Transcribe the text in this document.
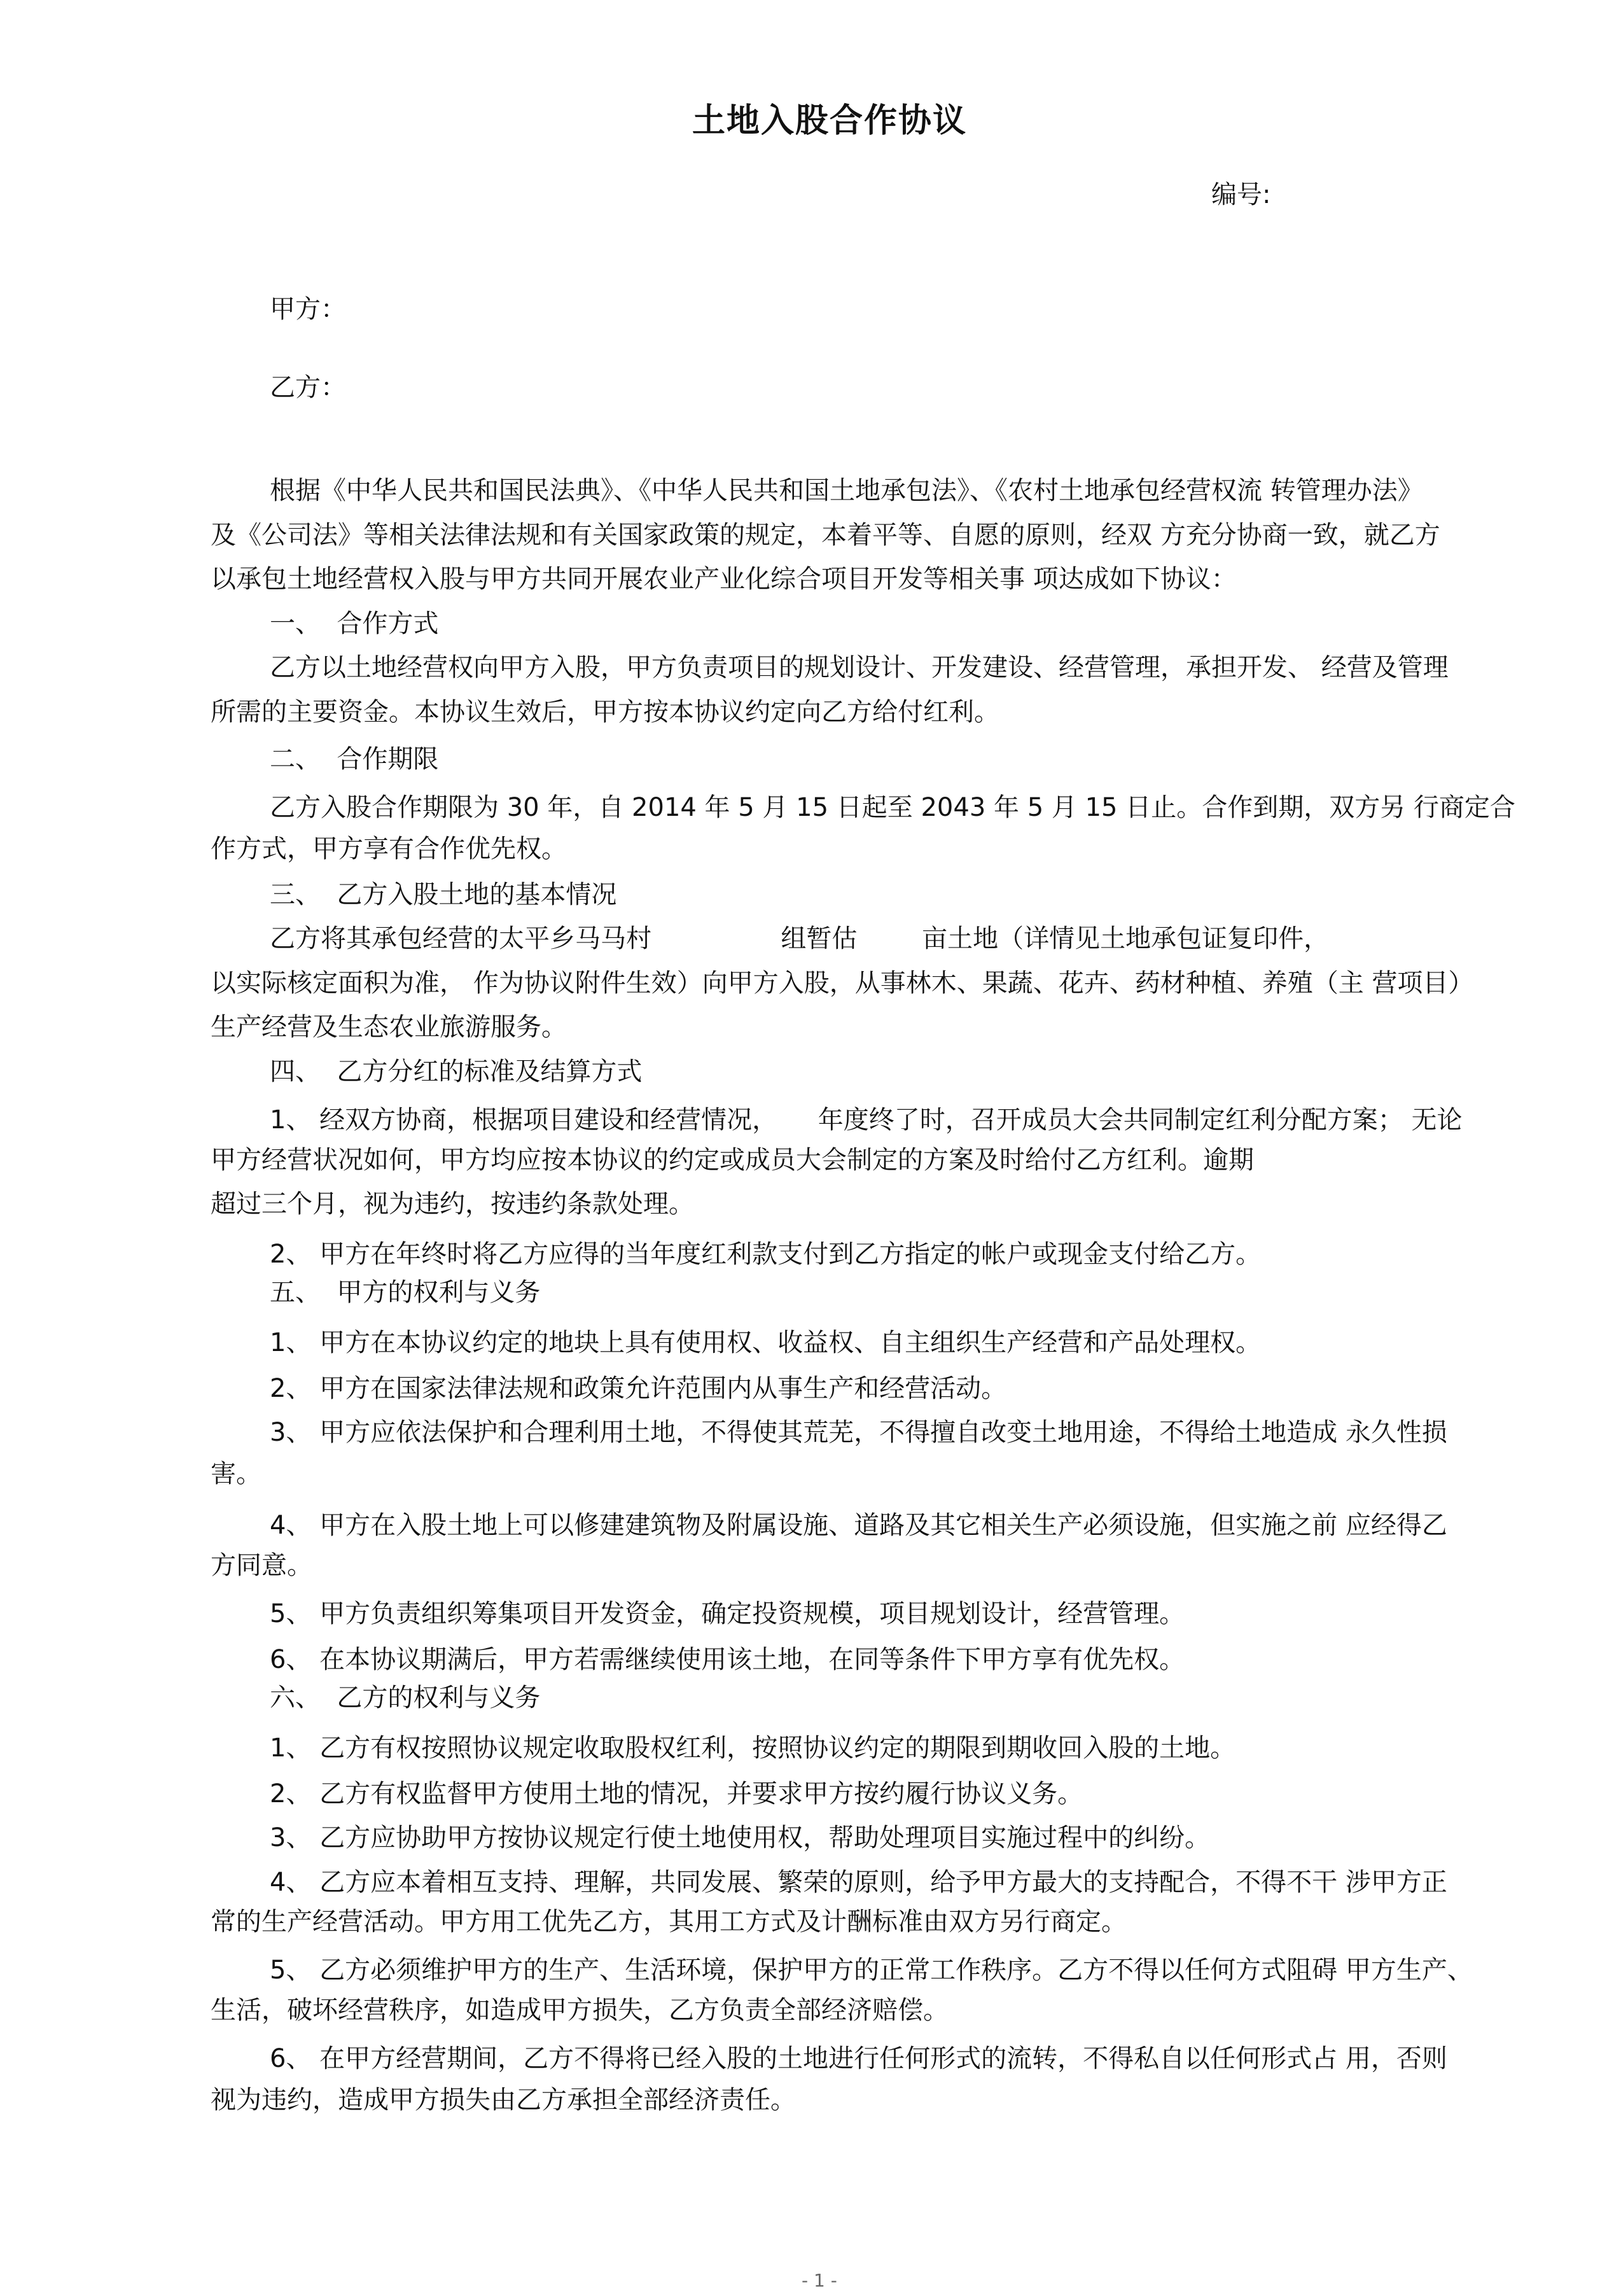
土地入股合作协议
编号:
甲方：
乙方：
根据《中华人民共和国民法典》、《中华人民共和国土地承包法》、《农村土地承包经营权流 转管理办法》
及《公司法》等相关法律法规和有关国家政策的规定，本着平等、自愿的原则，经双 方充分协商一致，就乙方
以承包土地经营权入股与甲方共同开展农业产业化综合项目开发等相关事 项达成如下协议：
一、  合作方式
乙方以土地经营权向甲方入股，甲方负责项目的规划设计、开发建设、经营管理，承担开发、 经营及管理
所需的主要资金。本协议生效后，甲方按本协议约定向乙方给付红利。
二、  合作期限
乙方入股合作期限为 30 年，自 2014 年 5 月 15 日起至 2043 年 5 月 15 日止。合作到期，双方另 行商定合
作方式，甲方享有合作优先权。
三、  乙方入股土地的基本情况
乙方将其承包经营的太平乡马马村                组暂估        亩土地（详情见土地承包证复印件，
以实际核定面积为准， 作为协议附件生效）向甲方入股，从事林木、果蔬、花卉、药材种植、养殖（主 营项目）
生产经营及生态农业旅游服务。
四、  乙方分红的标准及结算方式
1、 经双方协商，根据项目建设和经营情况，     年度终了时，召开成员大会共同制定红利分配方案； 无论
甲方经营状况如何，甲方均应按本协议的约定或成员大会制定的方案及时给付乙方红利。逾期
超过三个月，视为违约，按违约条款处理。
2、 甲方在年终时将乙方应得的当年度红利款支付到乙方指定的帐户或现金支付给乙方。
五、  甲方的权利与义务
1、 甲方在本协议约定的地块上具有使用权、收益权、自主组织生产经营和产品处理权。
2、 甲方在国家法律法规和政策允许范围内从事生产和经营活动。
3、 甲方应依法保护和合理利用土地，不得使其荒芜，不得擅自改变土地用途，不得给土地造成 永久性损
害。
4、 甲方在入股土地上可以修建建筑物及附属设施、道路及其它相关生产必须设施，但实施之前 应经得乙
方同意。
5、 甲方负责组织筹集项目开发资金，确定投资规模，项目规划设计，经营管理。
6、 在本协议期满后，甲方若需继续使用该土地，在同等条件下甲方享有优先权。
六、  乙方的权利与义务
1、 乙方有权按照协议规定收取股权红利，按照协议约定的期限到期收回入股的土地。
2、 乙方有权监督甲方使用土地的情况，并要求甲方按约履行协议义务。
3、 乙方应协助甲方按协议规定行使土地使用权，帮助处理项目实施过程中的纠纷。
4、 乙方应本着相互支持、理解，共同发展、繁荣的原则，给予甲方最大的支持配合，不得不干 涉甲方正
常的生产经营活动。甲方用工优先乙方，其用工方式及计酬标准由双方另行商定。
5、 乙方必须维护甲方的生产、生活环境，保护甲方的正常工作秩序。乙方不得以任何方式阻碍 甲方生产、
生活，破坏经营秩序，如造成甲方损失，乙方负责全部经济赔偿。
6、 在甲方经营期间，乙方不得将已经入股的土地进行任何形式的流转，不得私自以任何形式占 用，否则
视为违约，造成甲方损失由乙方承担全部经济责任。
- 1 -
